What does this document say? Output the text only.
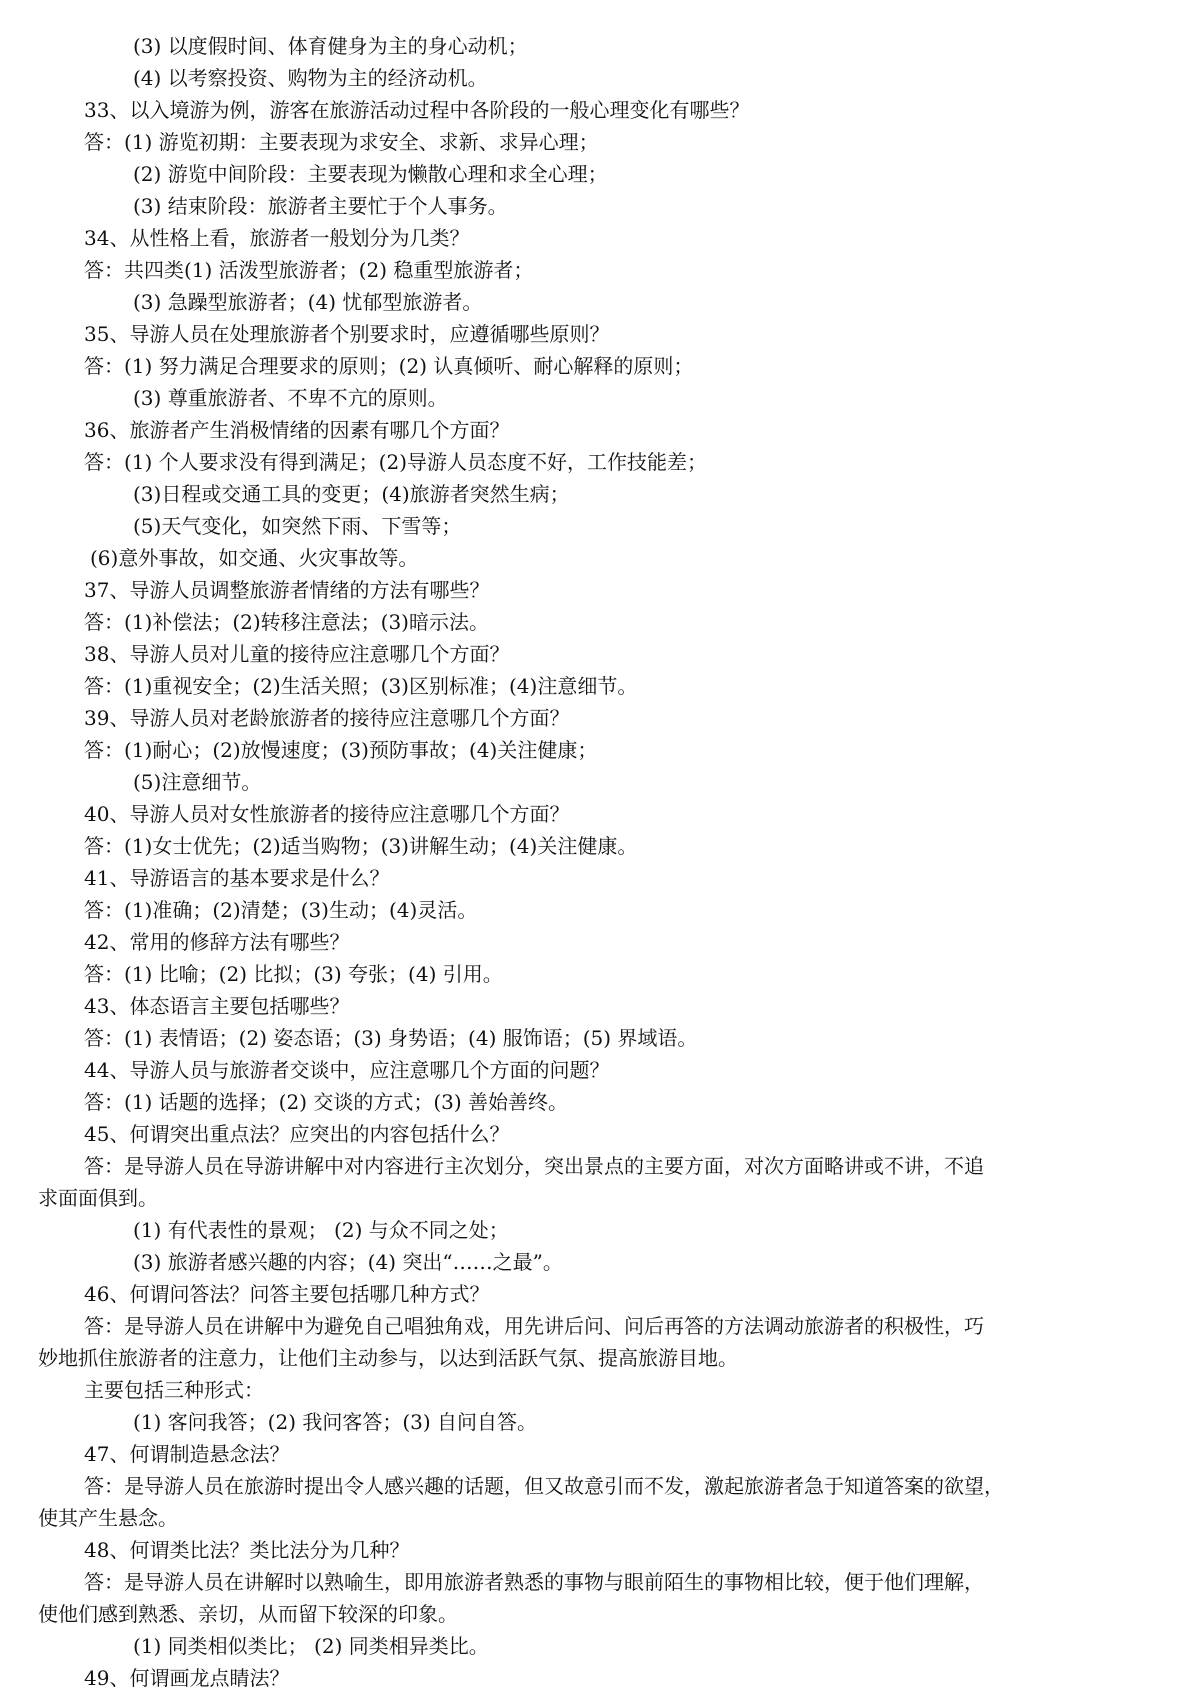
(3) 以度假时间、体育健身为主的身心动机；
(4) 以考察投资、购物为主的经济动机。
33、以入境游为例，游客在旅游活动过程中各阶段的一般心理变化有哪些？
答：(1) 游览初期：主要表现为求安全、求新、求异心理；
(2) 游览中间阶段：主要表现为懒散心理和求全心理；
(3) 结束阶段：旅游者主要忙于个人事务。
34、从性格上看，旅游者一般划分为几类？
答：共四类(1) 活泼型旅游者；(2) 稳重型旅游者；
(3) 急躁型旅游者；(4) 忧郁型旅游者。
35、导游人员在处理旅游者个别要求时，应遵循哪些原则？
答：(1) 努力满足合理要求的原则；(2) 认真倾听、耐心解释的原则；
(3) 尊重旅游者、不卑不亢的原则。
36、旅游者产生消极情绪的因素有哪几个方面？
答：(1) 个人要求没有得到满足；(2)导游人员态度不好，工作技能差；
(3)日程或交通工具的变更；(4)旅游者突然生病；
(5)天气变化，如突然下雨、下雪等；
(6)意外事故，如交通、火灾事故等。
37、导游人员调整旅游者情绪的方法有哪些？
答：(1)补偿法；(2)转移注意法；(3)暗示法。
38、导游人员对儿童的接待应注意哪几个方面？
答：(1)重视安全；(2)生活关照；(3)区别标准；(4)注意细节。
39、导游人员对老龄旅游者的接待应注意哪几个方面？
答：(1)耐心；(2)放慢速度；(3)预防事故；(4)关注健康；
(5)注意细节。
40、导游人员对女性旅游者的接待应注意哪几个方面？
答：(1)女士优先；(2)适当购物；(3)讲解生动；(4)关注健康。
41、导游语言的基本要求是什么？
答：(1)准确；(2)清楚；(3)生动；(4)灵活。
42、常用的修辞方法有哪些？
答：(1) 比喻；(2) 比拟；(3) 夸张；(4) 引用。
43、体态语言主要包括哪些？
答：(1) 表情语；(2) 姿态语；(3) 身势语；(4) 服饰语；(5) 界域语。
44、导游人员与旅游者交谈中，应注意哪几个方面的问题？
答：(1) 话题的选择；(2) 交谈的方式；(3) 善始善终。
45、何谓突出重点法？应突出的内容包括什么？
答：是导游人员在导游讲解中对内容进行主次划分，突出景点的主要方面，对次方面略讲或不讲，不追
求面面俱到。
(1) 有代表性的景观； (2) 与众不同之处；
(3) 旅游者感兴趣的内容；(4) 突出“……之最”。
46、何谓问答法？问答主要包括哪几种方式？
答：是导游人员在讲解中为避免自己唱独角戏，用先讲后问、问后再答的方法调动旅游者的积极性，巧
妙地抓住旅游者的注意力，让他们主动参与，以达到活跃气氛、提高旅游目地。
主要包括三种形式：
(1) 客问我答；(2) 我问客答；(3) 自问自答。
47、何谓制造悬念法？
答：是导游人员在旅游时提出令人感兴趣的话题，但又故意引而不发，激起旅游者急于知道答案的欲望，
使其产生悬念。
48、何谓类比法？类比法分为几种？
答：是导游人员在讲解时以熟喻生，即用旅游者熟悉的事物与眼前陌生的事物相比较，便于他们理解，
使他们感到熟悉、亲切，从而留下较深的印象。
(1) 同类相似类比； (2) 同类相异类比。
49、何谓画龙点睛法？
